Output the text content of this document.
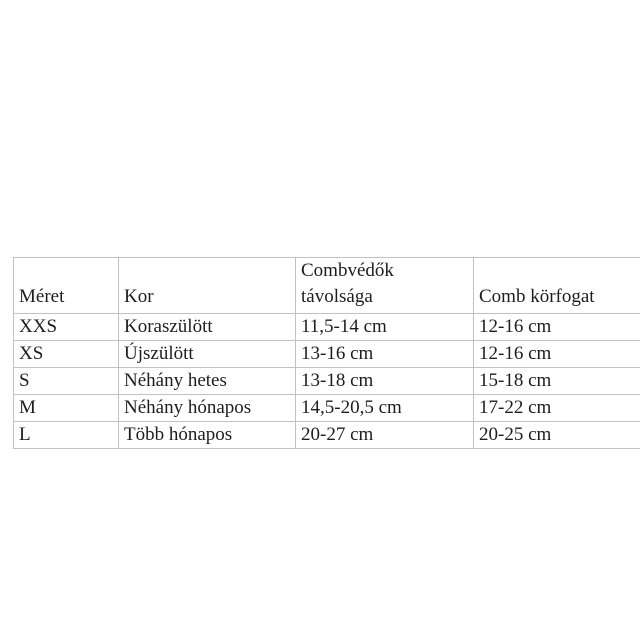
Méret	Kor	Combvédők távolsága	Comb körfogat
XXS	Koraszülött	11,5-14 cm	12-16 cm
XS	Újszülött	13-16 cm	12-16 cm
S	Néhány hetes	13-18 cm	15-18 cm
M	Néhány hónapos	14,5-20,5 cm	17-22 cm
L	Több hónapos	20-27 cm	20-25 cm
